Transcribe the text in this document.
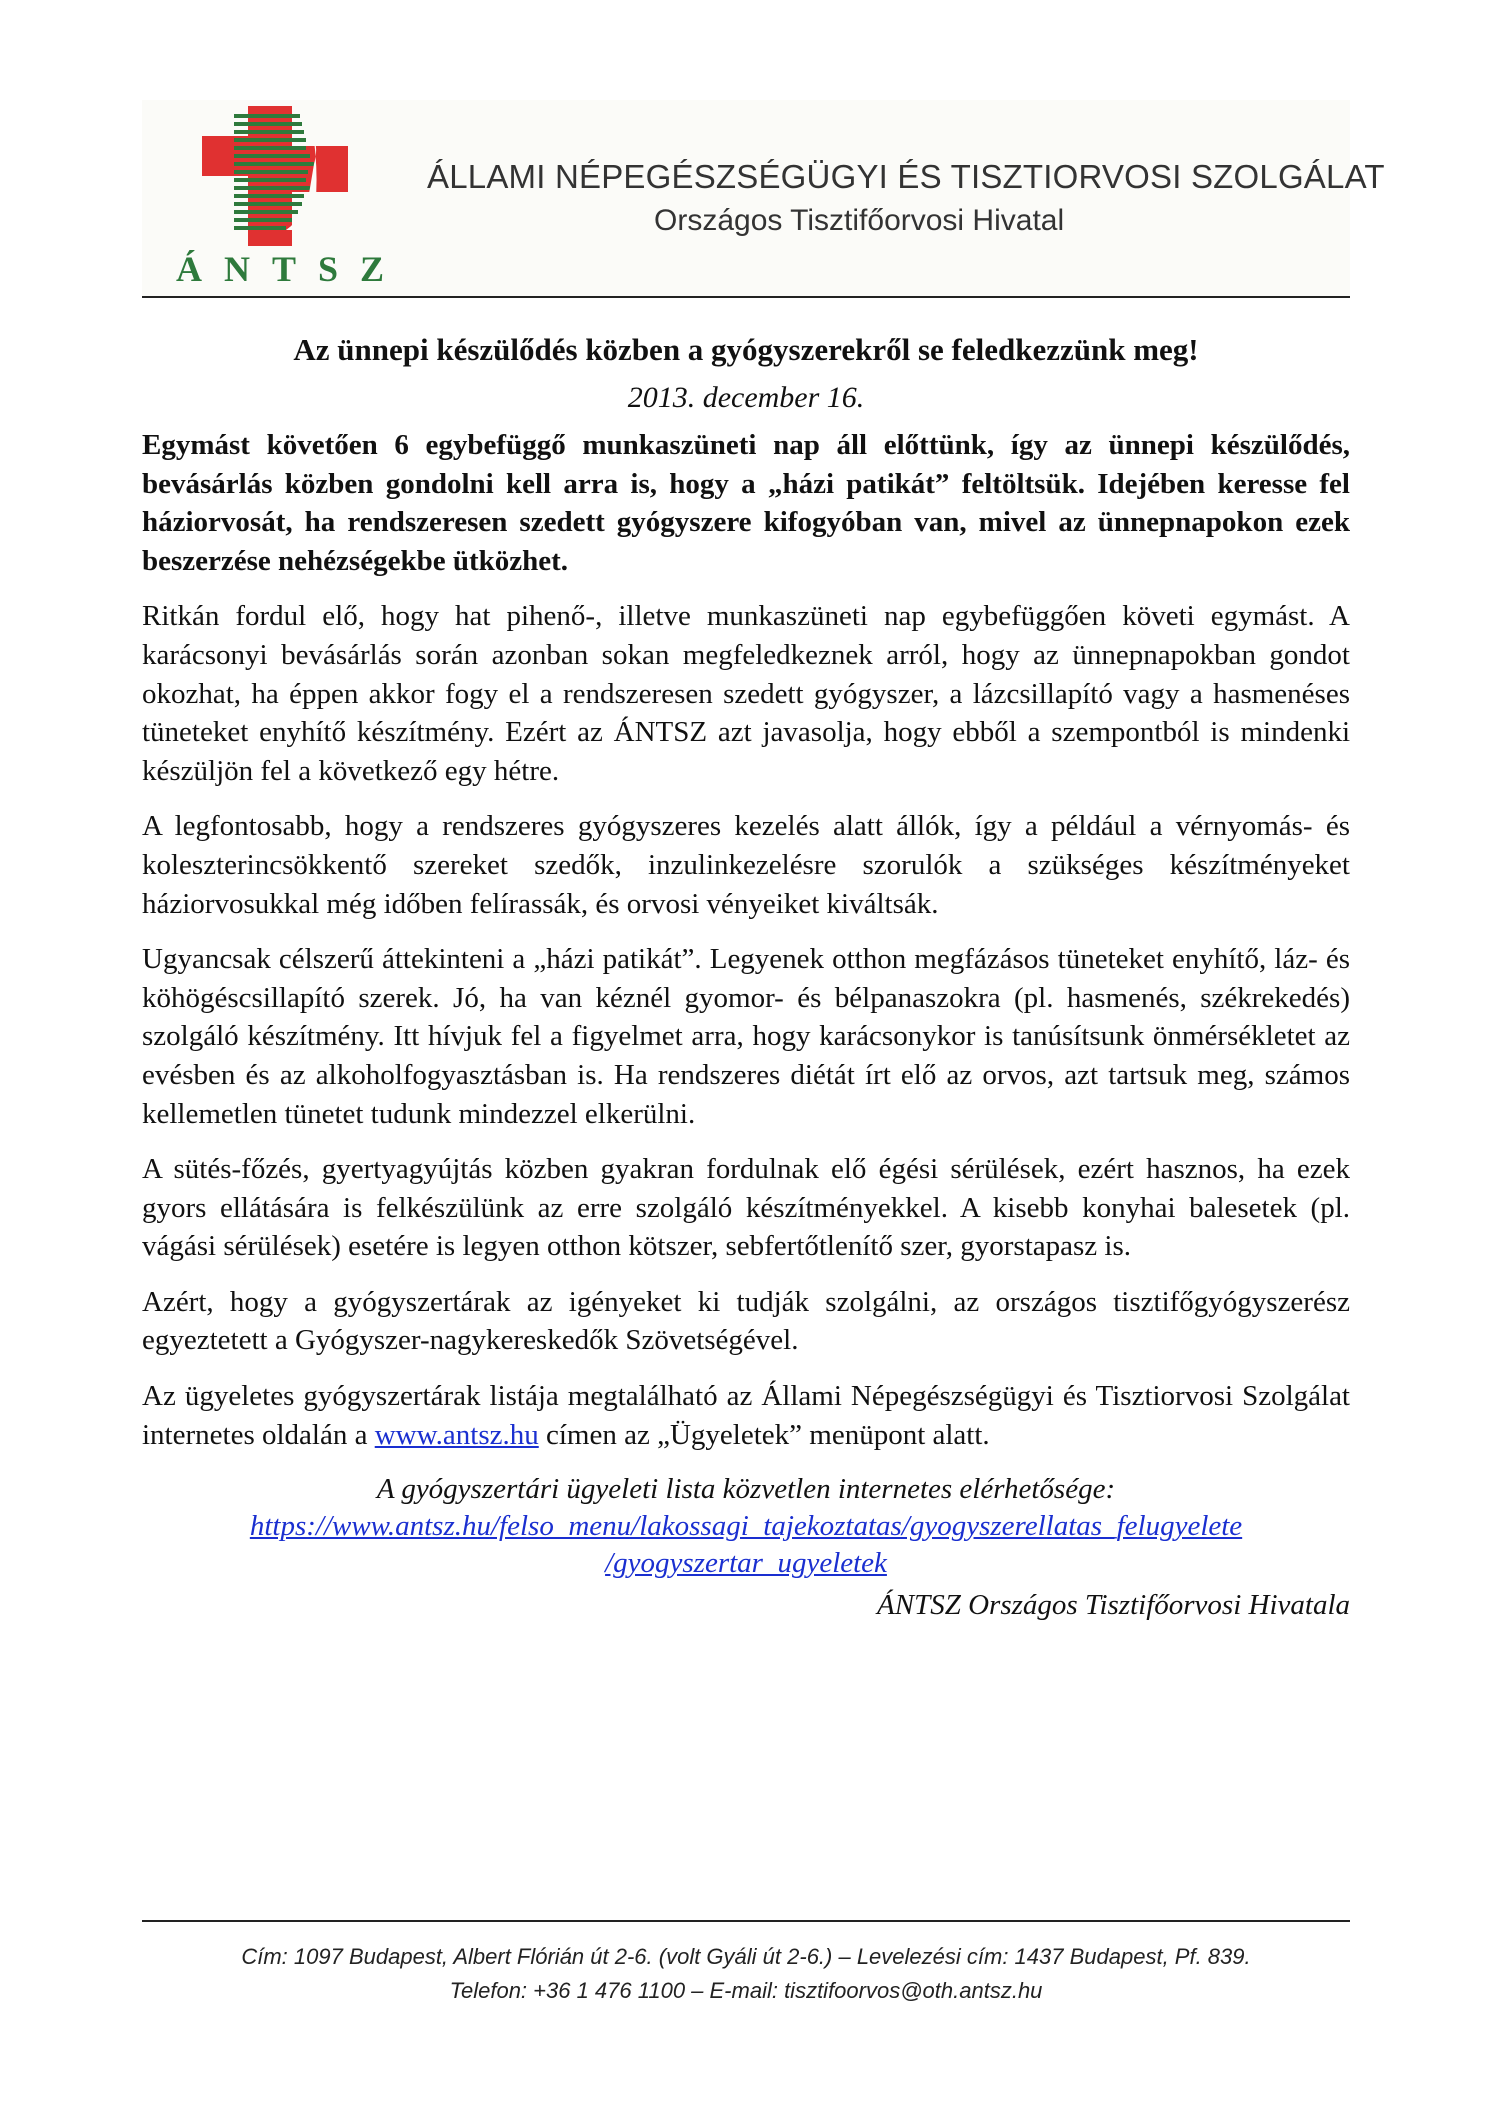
ÁNTSZ
ÁLLAMI NÉPEGÉSZSÉGÜGYI ÉS TISZTIORVOSI SZOLGÁLAT
Országos Tisztifőorvosi Hivatal
Az ünnepi készülődés közben a gyógyszerekről se feledkezzünk meg!
2013. december 16.

Egymást követően 6 egybefüggő munkaszüneti nap áll előttünk, így az ünnepi készülődés, bevásárlás közben gondolni kell arra is, hogy a „házi patikát” feltöltsük. Idejében keresse fel háziorvosát, ha rendszeresen szedett gyógyszere kifogyóban van, mivel az ünnepnapokon ezek beszerzése nehézségekbe ütközhet.

Ritkán fordul elő, hogy hat pihenő-, illetve munkaszüneti nap egybefüggően követi egymást. A karácsonyi bevásárlás során azonban sokan megfeledkeznek arról, hogy az ünnepnapokban gondot okozhat, ha éppen akkor fogy el a rendszeresen szedett gyógyszer, a lázcsillapító vagy a hasmenéses tüneteket enyhítő készítmény. Ezért az ÁNTSZ azt javasolja, hogy ebből a szempontból is mindenki készüljön fel a következő egy hétre.

A legfontosabb, hogy a rendszeres gyógyszeres kezelés alatt állók, így a például a vérnyomás- és koleszterincsökkentő szereket szedők, inzulinkezelésre szorulók a szükséges készítményeket háziorvosukkal még időben felírassák, és orvosi vényeiket kiváltsák.

Ugyancsak célszerű áttekinteni a „házi patikát”. Legyenek otthon megfázásos tüneteket enyhítő, láz- és köhögéscsillapító szerek. Jó, ha van kéznél gyomor- és bélpanaszokra (pl. hasmenés, székrekedés) szolgáló készítmény. Itt hívjuk fel a figyelmet arra, hogy karácsonykor is tanúsítsunk önmérsékletet az evésben és az alkoholfogyasztásban is. Ha rendszeres diétát írt elő az orvos, azt tartsuk meg, számos kellemetlen tünetet tudunk mindezzel elkerülni.

A sütés-főzés, gyertyagyújtás közben gyakran fordulnak elő égési sérülések, ezért hasznos, ha ezek gyors ellátására is felkészülünk az erre szolgáló készítményekkel. A kisebb konyhai balesetek (pl. vágási sérülések) esetére is legyen otthon kötszer, sebfertőtlenítő szer, gyorstapasz is.

Azért, hogy a gyógyszertárak az igényeket ki tudják szolgálni, az országos tisztifőgyógyszerész egyeztetett a Gyógyszer-nagykereskedők Szövetségével.

Az ügyeletes gyógyszertárak listája megtalálható az Állami Népegészségügyi és Tisztiorvosi Szolgálat internetes oldalán a www.antsz.hu címen az „Ügyeletek” menüpont alatt.

A gyógyszertári ügyeleti lista közvetlen internetes elérhetősége:
https://www.antsz.hu/felso_menu/lakossagi_tajekoztatas/gyogyszerellatas_felugyelete
/gyogyszertar_ugyeletek
ÁNTSZ Országos Tisztifőorvosi Hivatala
Cím: 1097 Budapest, Albert Flórián út 2-6. (volt Gyáli út 2-6.) – Levelezési cím: 1437 Budapest, Pf. 839.
Telefon: +36 1 476 1100 – E-mail: tisztifoorvos@oth.antsz.hu
